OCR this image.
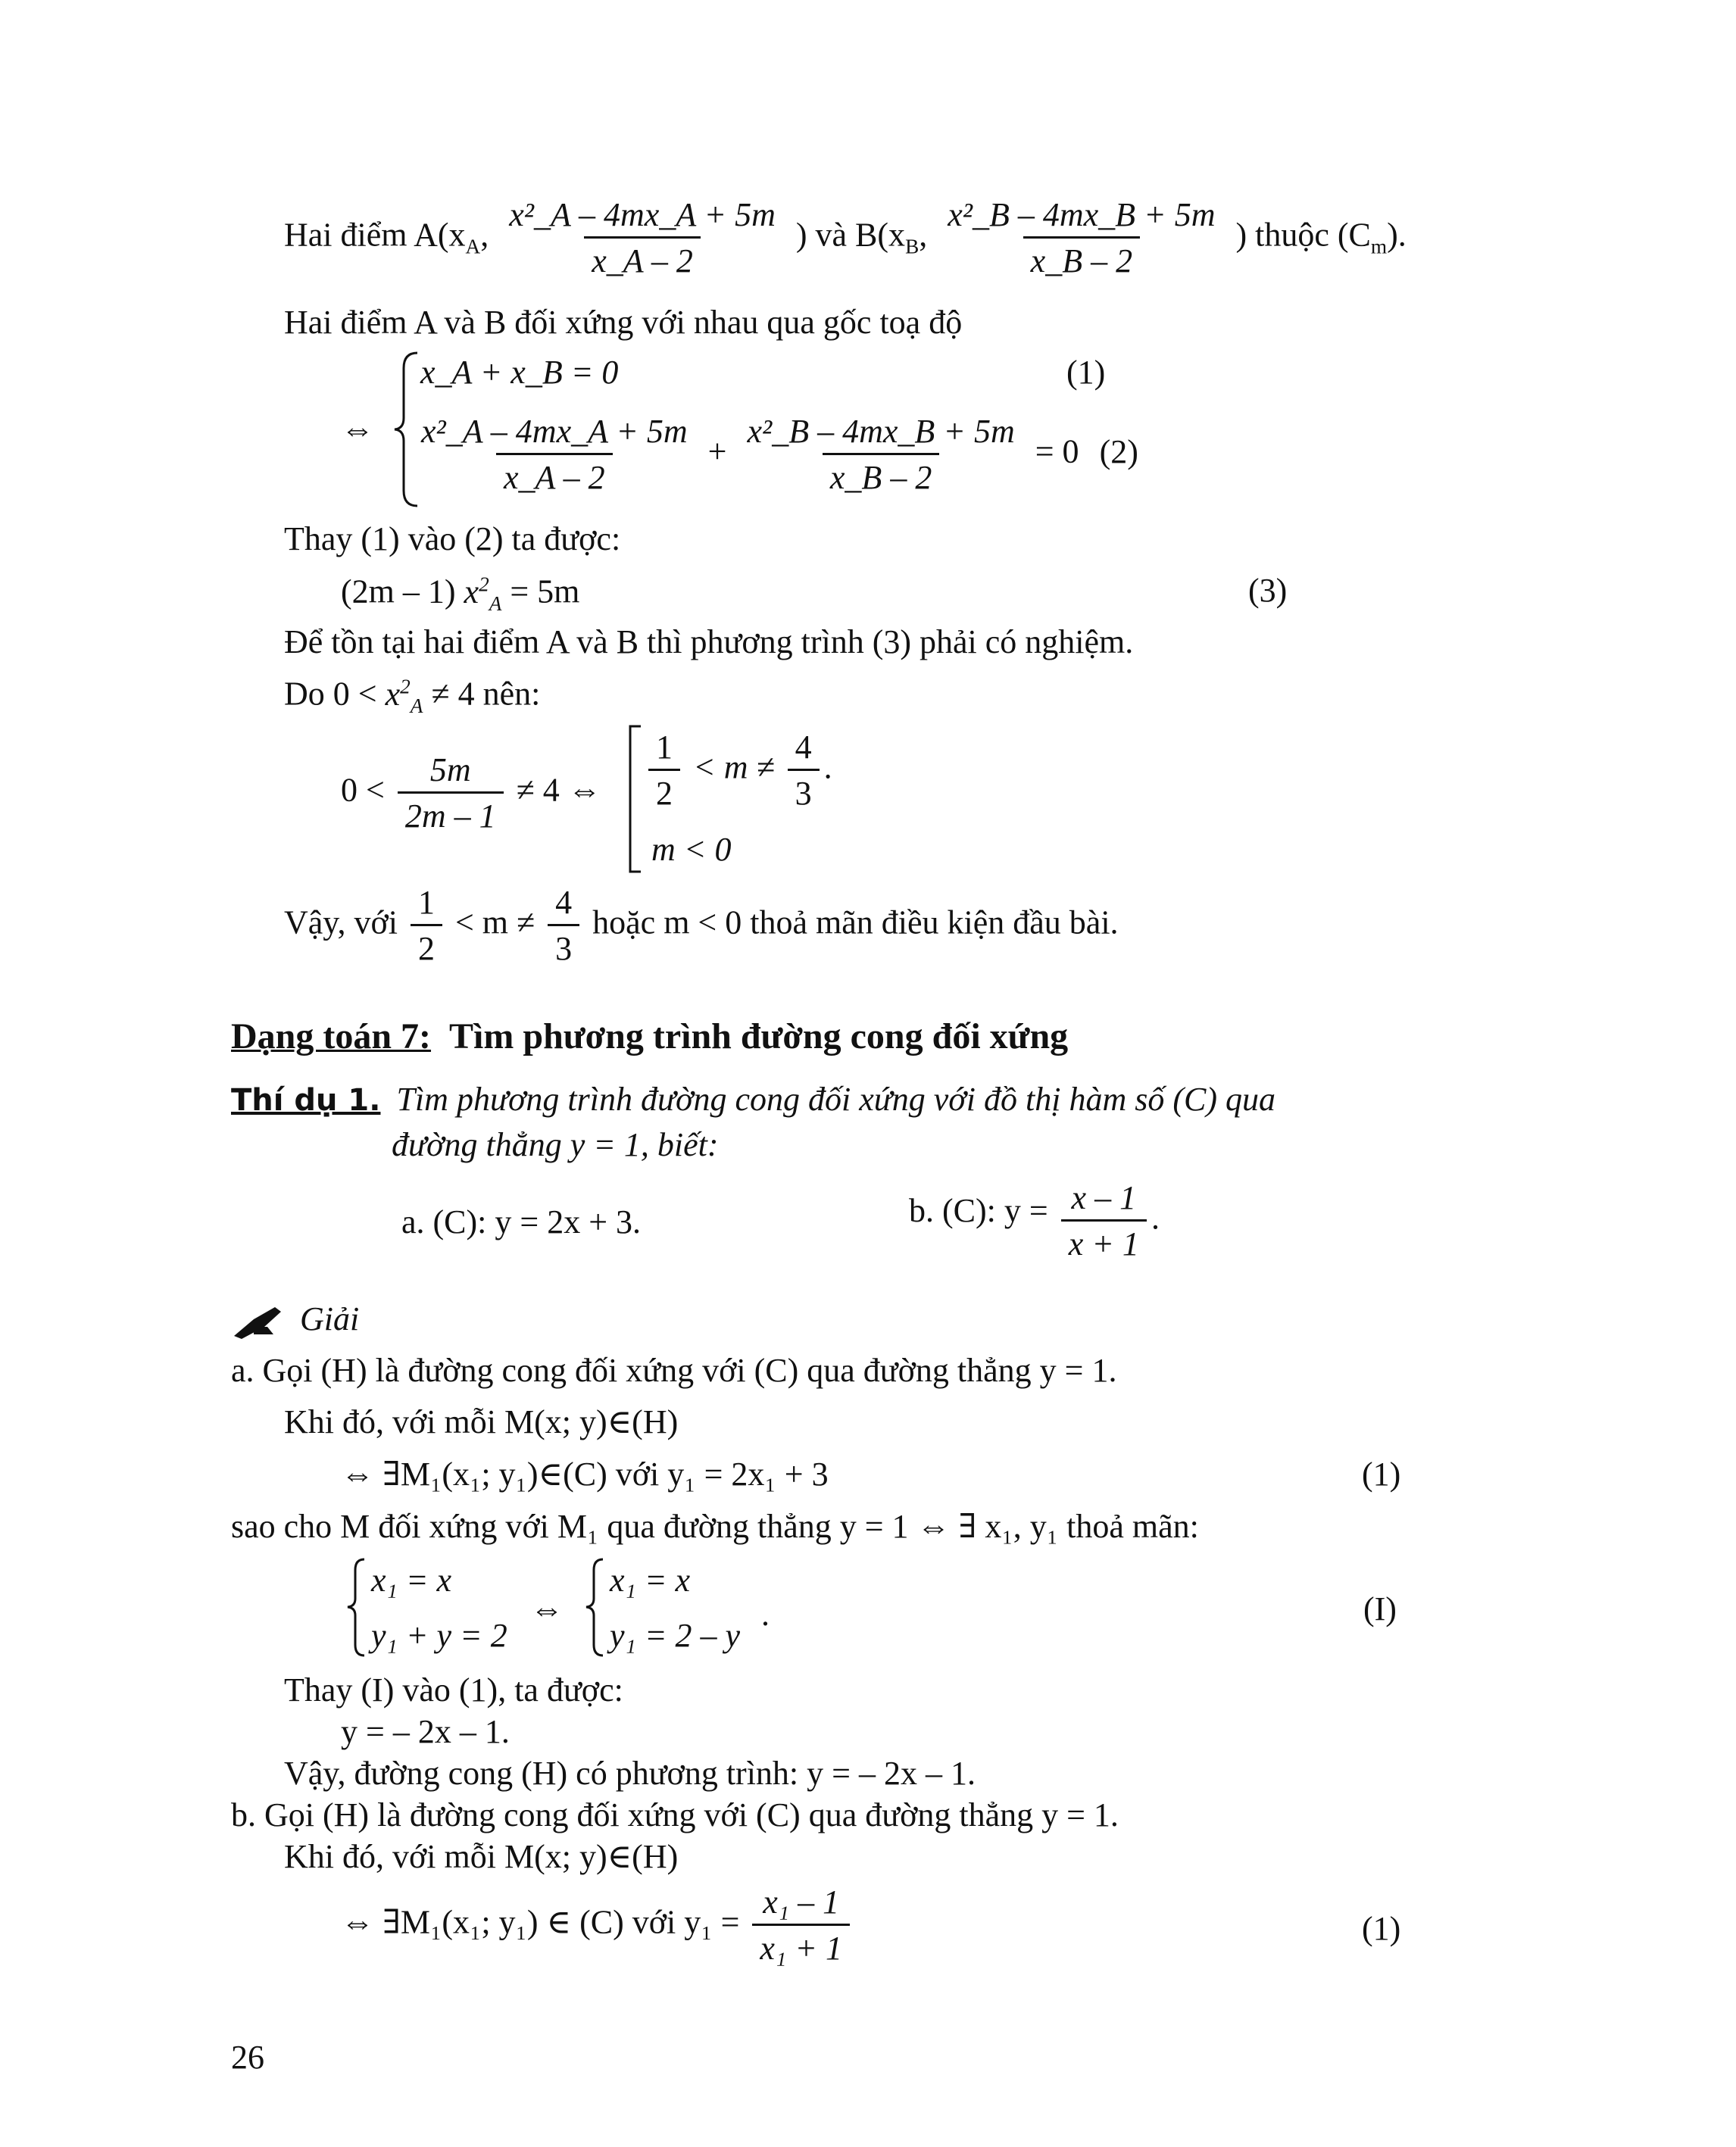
Hai điểm $A(x_A$, $\frac{\text{x²\_A – 4mx\_A + 5m}}{x\_A - 2}$ ) và $B(x_B$, $\frac{\text{x²\_B – 4mx\_B + 5m}}{x\_B - 2}$ ) thuộc $(C_m)$.
Hai điểm A và B đối xứng với nhau qua gốc toạ độ
⇔
x_A + x_B = 0	(1)
$\frac{\text{x²\_A – 4mx\_A + 5m}}{x\_A - 2} + \frac{\text{x²\_B – 4mx\_B + 5m}}{x\_B - 2} = 0$ (2)
Thay (1) vào (2) ta được:
(2m – 1) $x^2_A = 5m$	(3)
Để tồn tại hai điểm A và B thì phương trình (3) phải có nghiệm.
Do $0 < x^2_A \ne 4$ nên:
$0 < \frac{5m}{2m - 1} \ne 4$ ⇔ $\frac{1}{2} < m \ne \frac{4}{3}$ .
m < 0
Vậy, với $\frac{1}{2} < m \ne \frac{4}{3}$ hoặc m < 0 thoả mãn điều kiện đầu bài.
Dạng toán 7: Tìm phương trình đường cong đối xứng
Thí dụ 1. Tìm phương trình đường cong đối xứng với đồ thị hàm số (C) qua
đường thẳng y = 1, biết:
a. (C): y = 2x + 3.	b. (C): $y = \frac{x - 1}{x + 1}$ .
Giải
a. Gọi (H) là đường cong đối xứng với (C) qua đường thẳng y = 1.
Khi đó, với mỗi M(x; y)∈(H)
⇔ ∃M₁(x₁; y₁)∈(C) với y₁ = 2x₁ + 3	(1)
sao cho M đối xứng với M₁ qua đường thẳng y = 1 ⇔ ∃ x₁, y₁ thoả mãn:
x₁ = x
y₁ + y = 2
⇔
x₁ = x
y₁ = 2 – y
.	(I)
Thay (I) vào (1), ta được:
y = – 2x – 1.
Vậy, đường cong (H) có phương trình: y = – 2x – 1.
b. Gọi (H) là đường cong đối xứng với (C) qua đường thẳng y = 1.
Khi đó, với mỗi M(x; y)∈(H)
⇔ ∃M₁(x₁; y₁) ∈ (C) với $y_1 = \frac{\text{x₁ – 1}}{\text{x₁ + 1}}$	(1)
26
